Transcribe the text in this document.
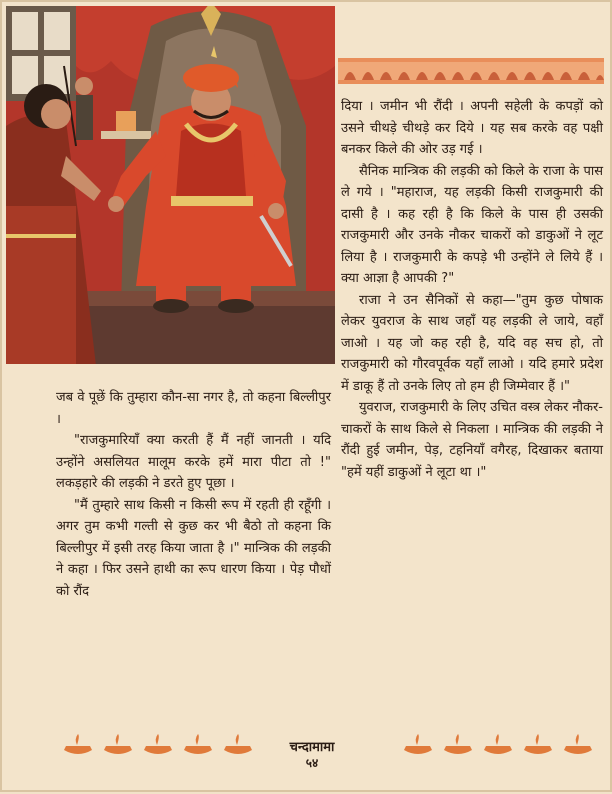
जब वे पूछें कि तुम्हारा कौन-सा नगर है, तो कहना बिल्लीपुर ।

"राजकुमारियाँ क्या करती हैं मैं नहीं जानती । यदि उन्होंने असलियत मालूम करके हमें मारा पीटा तो !" लकड़हारे की लड़की ने डरते हुए पूछा ।

"मैं तुम्हारे साथ किसी न किसी रूप में रहती ही रहूँगी । अगर तुम कभी गल्ती से कुछ कर भी बैठो तो कहना कि बिल्लीपुर में इसी तरह किया जाता है ।" मान्त्रिक की लड़की ने कहा । फिर उसने हाथी का रूप धारण किया । पेड़ पौधों को रौंद

दिया । जमीन भी रौंदी । अपनी सहेली के कपड़ों को उसने चीथड़े चीथड़े कर दिये । यह सब करके वह पक्षी बनकर किले की ओर उड़ गई ।

सैनिक मान्त्रिक की लड़की को किले के राजा के पास ले गये । "महाराज, यह लड़की किसी राजकुमारी की दासी है । कह रही है कि किले के पास ही उसकी राजकुमारी और उनके नौकर चाकरों को डाकुओं ने लूट लिया है । राजकुमारी के कपड़े भी उन्होंने ले लिये हैं । क्या आज्ञा है आपकी ?"

राजा ने उन सैनिकों से कहा—"तुम कुछ पोषाक लेकर युवराज के साथ जहाँ यह लड़की ले जाये, वहाँ जाओ । यह जो कह रही है, यदि वह सच हो, तो राजकुमारी को गौरवपूर्वक यहाँ लाओ । यदि हमारे प्रदेश में डाकू हैं तो उनके लिए तो हम ही जिम्मेवार हैं ।"

युवराज, राजकुमारी के लिए उचित वस्त्र लेकर नौकर-चाकरों के साथ किले से निकला । मान्त्रिक की लड़की ने रौंदी हुई जमीन, पेड़, टहनियाँ वगैरह, दिखाकर बताया "हमें यहीं डाकुओं ने लूटा था ।"

चन्दामामा
५४
